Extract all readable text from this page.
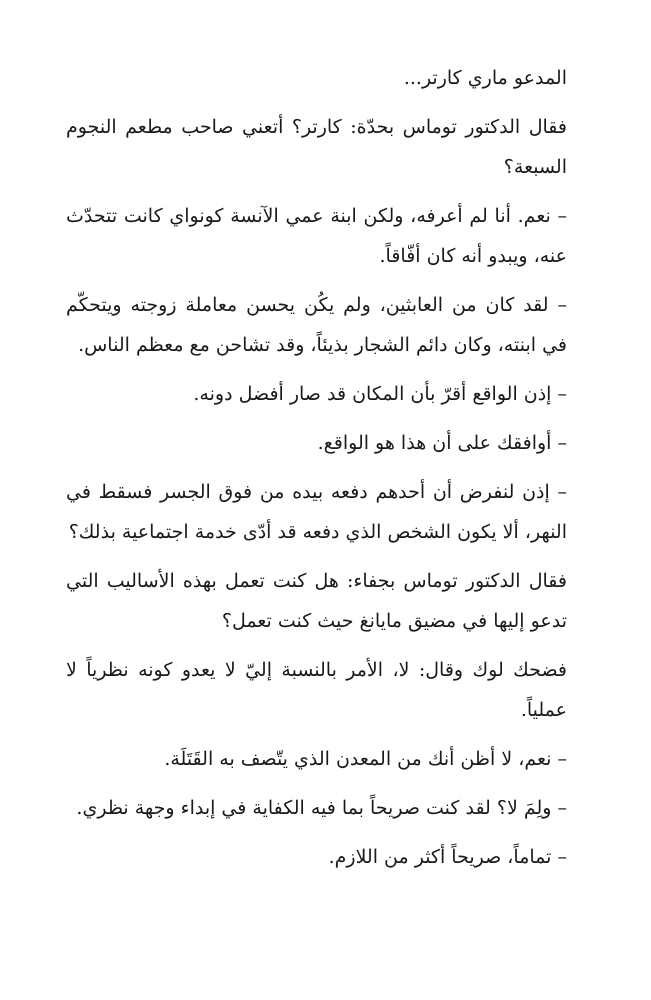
المدعو ماري كارتر...

فقال الدكتور توماس بحدّة: كارتر؟ أتعني صاحب مطعم النجوم السبعة؟

– نعم. أنا لم أعرفه، ولكن ابنة عمي الآنسة كونواي كانت تتحدّث عنه، ويبدو أنه كان أفّاقاً.

– لقد كان من العابثين، ولم يكُن يحسن معاملة زوجته ويتحكّم في ابنته، وكان دائم الشجار بذيئاً، وقد تشاحن مع معظم الناس.

– إذن الواقع أقرّ بأن المكان قد صار أفضل دونه.

– أوافقك على أن هذا هو الواقع.

– إذن لنفرض أن أحدهم دفعه بيده من فوق الجسر فسقط في النهر، ألا يكون الشخص الذي دفعه قد أدّى خدمة اجتماعية بذلك؟

فقال الدكتور توماس بجفاء: هل كنت تعمل بهذه الأساليب التي تدعو إليها في مضيق مايانغ حيث كنت تعمل؟

فضحك لوك وقال: لا، الأمر بالنسبة إليّ لا يعدو كونه نظرياً لا عملياً.

– نعم، لا أظن أنك من المعدن الذي يتّصف به القَتَلَة.

– ولِمَ لا؟ لقد كنت صريحاً بما فيه الكفاية في إبداء وجهة نظري.

– تماماً، صريحاً أكثر من اللازم.
